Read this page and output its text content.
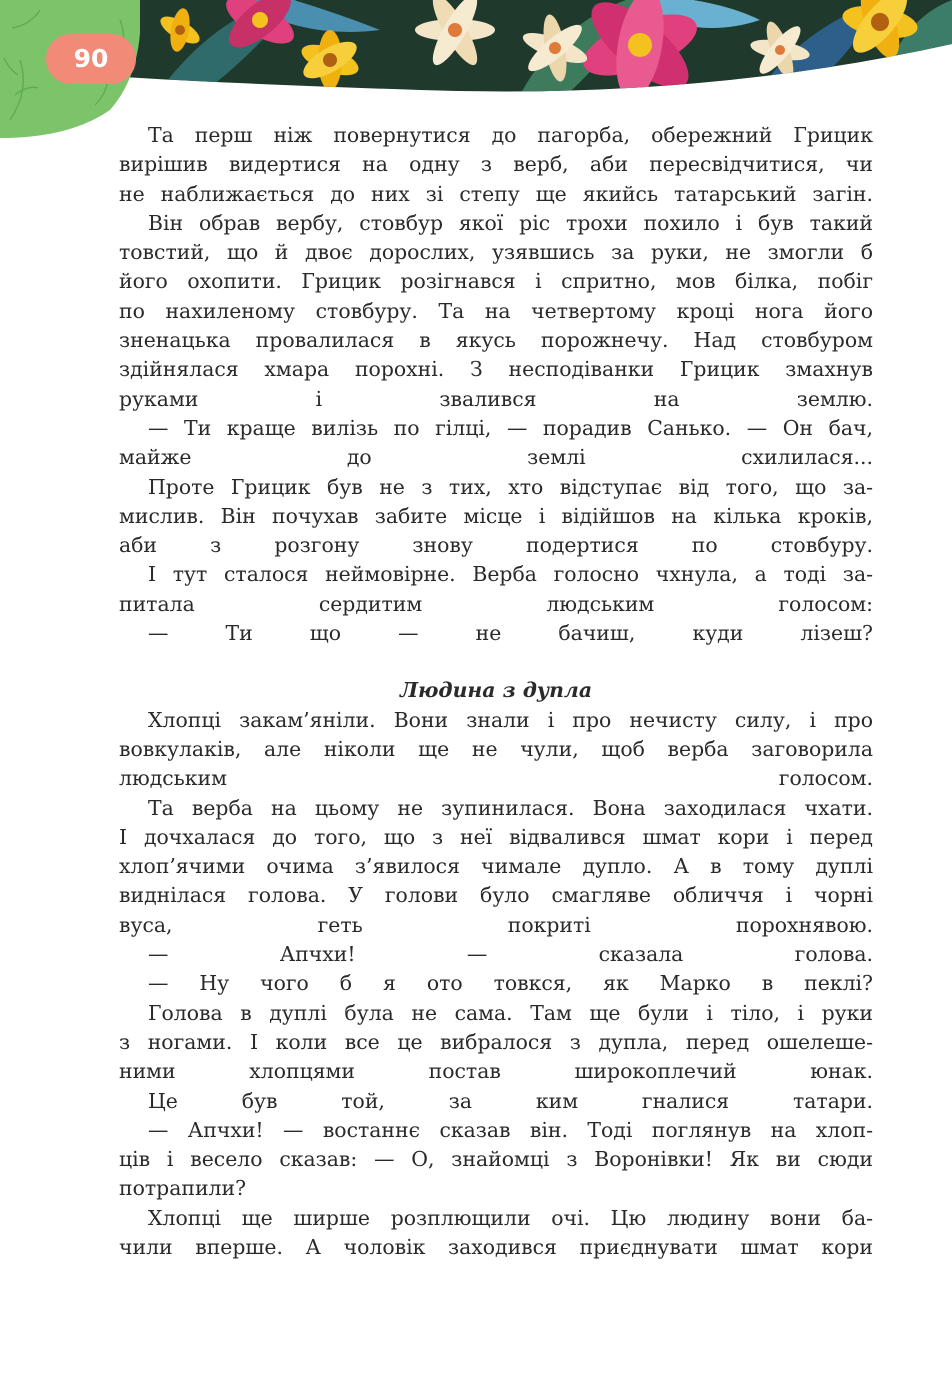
90
Та перш ніж повернутися до пагорба, обережний Грицик
вирішив видертися на одну з верб, аби пересвідчитися, чи
не наближається до них зі степу ще якийсь татарський загін.
Він обрав вербу, стовбур якої ріс трохи похило і був такий
товстий, що й двоє дорослих, узявшись за руки, не змогли б
його охопити. Грицик розігнався і спритно, мов білка, побіг
по нахиленому стовбуру. Та на четвертому кроці нога його
зненацька провалилася в якусь порожнечу. Над стовбуром
здійнялася хмара порохні. З несподіванки Грицик змахнув
руками і звалився на землю.
— Ти краще вилізь по гілці, — порадив Санько. — Он бач,
майже до землі схилилася...
Проте Грицик був не з тих, хто відступає від того, що за-
мислив. Він почухав забите місце і відійшов на кілька кроків,
аби з розгону знову подертися по стовбуру.
І тут сталося неймовірне. Верба голосно чхнула, а тоді за-
питала сердитим людським голосом:
— Ти що — не бачиш, куди лізеш?
Людина з дупла
Хлопці закам’яніли. Вони знали і про нечисту силу, і про
вовкулаків, але ніколи ще не чули, щоб верба заговорила
людським голосом.
Та верба на цьому не зупинилася. Вона заходилася чхати.
І дочхалася до того, що з неї відвалився шмат кори і перед
хлоп’ячими очима з’явилося чимале дупло. А в тому дуплі
виднілася голова. У голови було смагляве обличчя і чорні
вуса, геть покриті порохнявою.
— Апчхи! — сказала голова.
— Ну чого б я ото товкся, як Марко в пеклі?
Голова в дуплі була не сама. Там ще були і тіло, і руки
з ногами. І коли все це вибралося з дупла, перед ошелеше-
ними хлопцями постав широкоплечий юнак.
Це був той, за ким гналися татари.
— Апчхи! — востаннє сказав він. Тоді поглянув на хлоп-
ців і весело сказав: — О, знайомці з Воронівки! Як ви сюди
потрапили?
Хлопці ще ширше розплющили очі. Цю людину вони ба-
чили вперше. А чоловік заходився приєднувати шмат кори
